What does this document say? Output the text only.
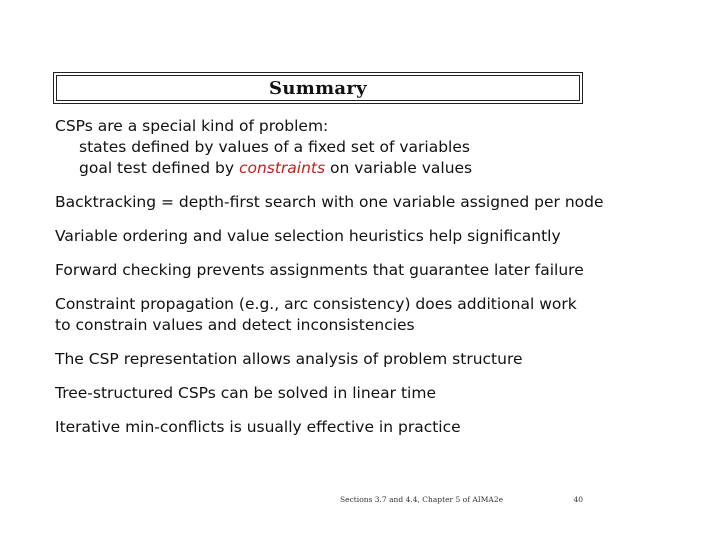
Summary
CSPs are a special kind of problem:
states defined by values of a fixed set of variables
goal test defined by constraints on variable values
Backtracking = depth-first search with one variable assigned per node
Variable ordering and value selection heuristics help significantly
Forward checking prevents assignments that guarantee later failure
Constraint propagation (e.g., arc consistency) does additional work
to constrain values and detect inconsistencies
The CSP representation allows analysis of problem structure
Tree-structured CSPs can be solved in linear time
Iterative min-conflicts is usually effective in practice
Sections 3.7 and 4.4, Chapter 5 of AIMA2e	40
